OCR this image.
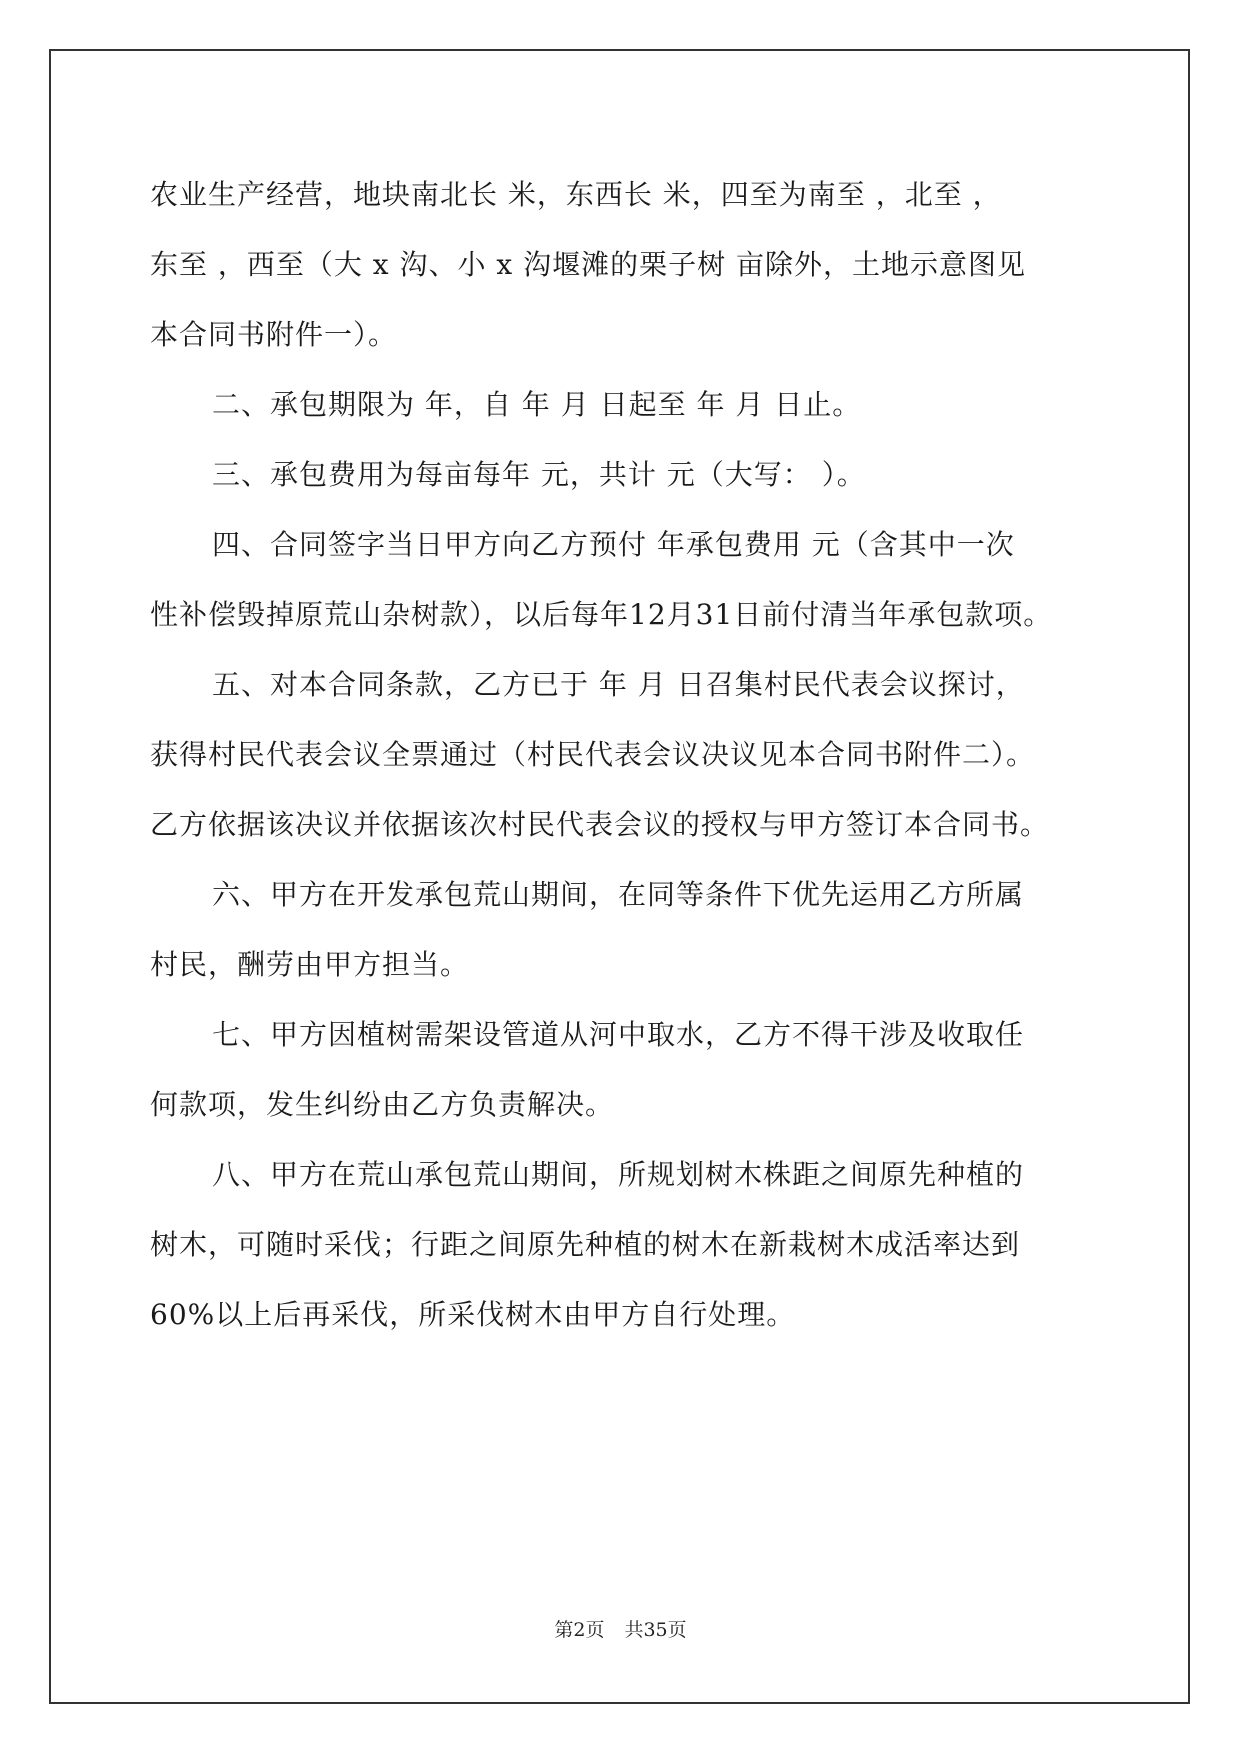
农业生产经营，地块南北长 米，东西长 米，四至为南至 ，北至 ，
东至 ，西至（大 x 沟、小 x 沟堰滩的栗子树 亩除外，土地示意图见
本合同书附件一）。
二、承包期限为 年，自 年 月 日起至 年 月 日止。
三、承包费用为每亩每年 元，共计 元（大写： ）。
四、合同签字当日甲方向乙方预付 年承包费用 元（含其中一次
性补偿毁掉原荒山杂树款），以后每年12月31日前付清当年承包款项。
五、对本合同条款，乙方已于 年 月 日召集村民代表会议探讨，
获得村民代表会议全票通过（村民代表会议决议见本合同书附件二）。
乙方依据该决议并依据该次村民代表会议的授权与甲方签订本合同书。
六、甲方在开发承包荒山期间，在同等条件下优先运用乙方所属
村民，酬劳由甲方担当。
七、甲方因植树需架设管道从河中取水，乙方不得干涉及收取任
何款项，发生纠纷由乙方负责解决。
八、甲方在荒山承包荒山期间，所规划树木株距之间原先种植的
树木，可随时采伐；行距之间原先种植的树木在新栽树木成活率达到
60%以上后再采伐，所采伐树木由甲方自行处理。
第2页 共35页
